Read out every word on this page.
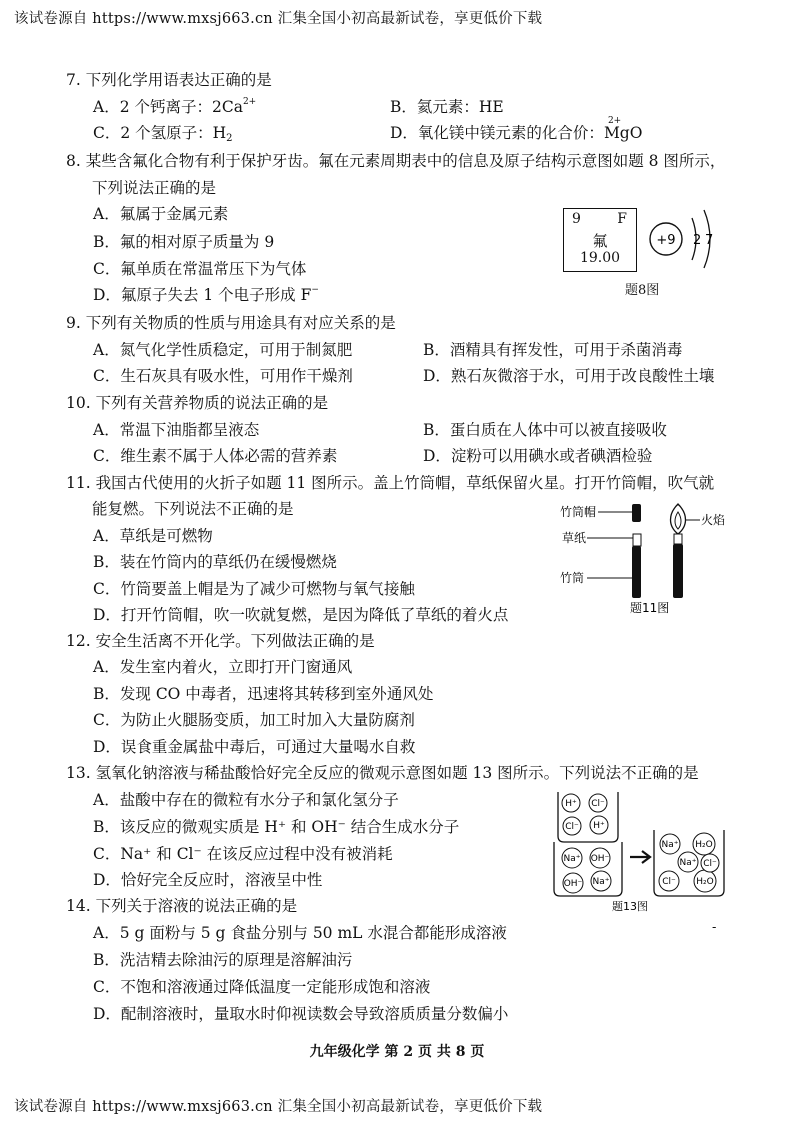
该试卷源自 https://www.mxsj663.cn 汇集全国小初高最新试卷，享更低价下载
7. 下列化学用语表达正确的是
A．2 个钙离子：$2Ca^{2+}$	B．氦元素：HE
C．2 个氢原子：$H_2$	D．氧化镁中镁元素的化合价：
2+
MgO
8. 某些含氟化合物有利于保护牙齿。氟在元素周期表中的信息及原子结构示意图如题 8 图所示，
下列说法正确的是
A．氟属于金属元素
B．氟的相对原子质量为 9
C．氟单质在常温常压下为气体
D．氟原子失去 1 个电子形成 F−
9	F
氟
19.00
+9 2 7
题8图
9. 下列有关物质的性质与用途具有对应关系的是
A．氮气化学性质稳定，可用于制氮肥	B．酒精具有挥发性，可用于杀菌消毒
C．生石灰具有吸水性，可用作干燥剂	D．熟石灰微溶于水，可用于改良酸性土壤
10. 下列有关营养物质的说法正确的是
A．常温下油脂都呈液态	B．蛋白质在人体中可以被直接吸收
C．维生素不属于人体必需的营养素	D．淀粉可以用碘水或者碘酒检验
11. 我国古代使用的火折子如题 11 图所示。盖上竹筒帽，草纸保留火星。打开竹筒帽，吹气就
能复燃。下列说法不正确的是
A．草纸是可燃物
B．装在竹筒内的草纸仍在缓慢燃烧
C．竹筒要盖上帽是为了减少可燃物与氧气接触
D．打开竹筒帽，吹一吹就复燃，是因为降低了草纸的着火点
竹筒帽
草纸
竹筒
火焰
题11图
12. 安全生活离不开化学。下列做法正确的是
A．发生室内着火，立即打开门窗通风
B．发现 CO 中毒者，迅速将其转移到室外通风处
C．为防止火腿肠变质，加工时加入大量防腐剂
D．误食重金属盐中毒后，可通过大量喝水自救
13. 氢氧化钠溶液与稀盐酸恰好完全反应的微观示意图如题 13 图所示。下列说法不正确的是
A．盐酸中存在的微粒有水分子和氯化氢分子
B．该反应的微观实质是 H⁺ 和 OH⁻ 结合生成水分子
C．Na⁺ 和 Cl⁻ 在该反应过程中没有被消耗
D．恰好完全反应时，溶液呈中性
H⁺ Cl⁻
Cl⁻ H⁺
Na⁺ OH⁻
OH⁻ Na⁺
Na⁺ H₂O
Na⁺
Cl⁻ H₂O
Cl⁻
题13图
-
14. 下列关于溶液的说法正确的是
A．5 g 面粉与 5 g 食盐分别与 50 mL 水混合都能形成溶液
B．洗洁精去除油污的原理是溶解油污
C．不饱和溶液通过降低温度一定能形成饱和溶液
D．配制溶液时，量取水时仰视读数会导致溶质质量分数偏小
九年级化学 第 2 页 共 8 页
该试卷源自 https://www.mxsj663.cn 汇集全国小初高最新试卷，享更低价下载
